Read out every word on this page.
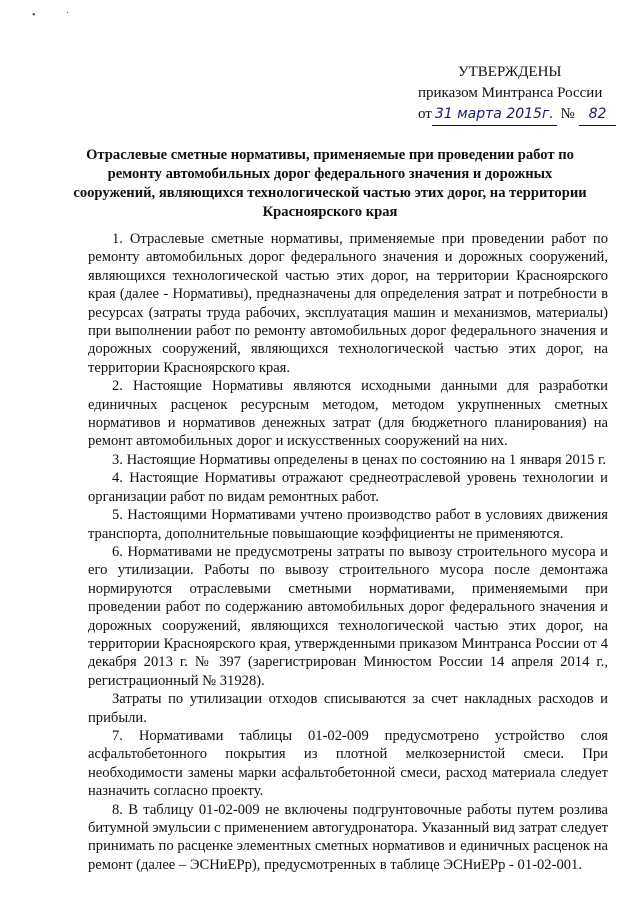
•	·
УТВЕРЖДЕНЫ
приказом Минтранса России
от 31 марта 2015г. № 82
Отраслевые сметные нормативы, применяемые при проведении работ по ремонту автомобильных дорог федерального значения и дорожных сооружений, являющихся технологической частью этих дорог, на территории Красноярского края

1. Отраслевые сметные нормативы, применяемые при проведении работ по ремонту автомобильных дорог федерального значения и дорожных сооружений, являющихся технологической частью этих дорог, на территории Красноярского края (далее - Нормативы), предназначены для определения затрат и потребности в ресурсах (затраты труда рабочих, эксплуатация машин и механизмов, материалы) при выполнении работ по ремонту автомобильных дорог федерального значения и дорожных сооружений, являющихся технологической частью этих дорог, на территории Красноярского края.

2. Настоящие Нормативы являются исходными данными для разработки единичных расценок ресурсным методом, методом укрупненных сметных нормативов и нормативов денежных затрат (для бюджетного планирования) на ремонт автомобильных дорог и искусственных сооружений на них.

3. Настоящие Нормативы определены в ценах по состоянию на 1 января 2015 г.

4. Настоящие Нормативы отражают среднеотраслевой уровень технологии и организации работ по видам ремонтных работ.

5. Настоящими Нормативами учтено производство работ в условиях движения транспорта, дополнительные повышающие коэффициенты не применяются.

6. Нормативами не предусмотрены затраты по вывозу строительного мусора и его утилизации. Работы по вывозу строительного мусора после демонтажа нормируются отраслевыми сметными нормативами, применяемыми при проведении работ по содержанию автомобильных дорог федерального значения и дорожных сооружений, являющихся технологической частью этих дорог, на территории Красноярского края, утвержденными приказом Минтранса России от 4 декабря 2013 г. № 397 (зарегистрирован Минюстом России 14 апреля 2014 г., регистрационный № 31928).

Затраты по утилизации отходов списываются за счет накладных расходов и прибыли.

7. Нормативами таблицы 01-02-009 предусмотрено устройство слоя асфальтобетонного покрытия из плотной мелкозернистой смеси. При необходимости замены марки асфальтобетонной смеси, расход материала следует назначить согласно проекту.

8. В таблицу 01-02-009 не включены подгрунтовочные работы путем розлива битумной эмульсии с применением автогудронатора. Указанный вид затрат следует принимать по расценке элементных сметных нормативов и единичных расценок на ремонт (далее – ЭСНиЕРр), предусмотренных в таблице ЭСНиЕРр - 01-02-001.
